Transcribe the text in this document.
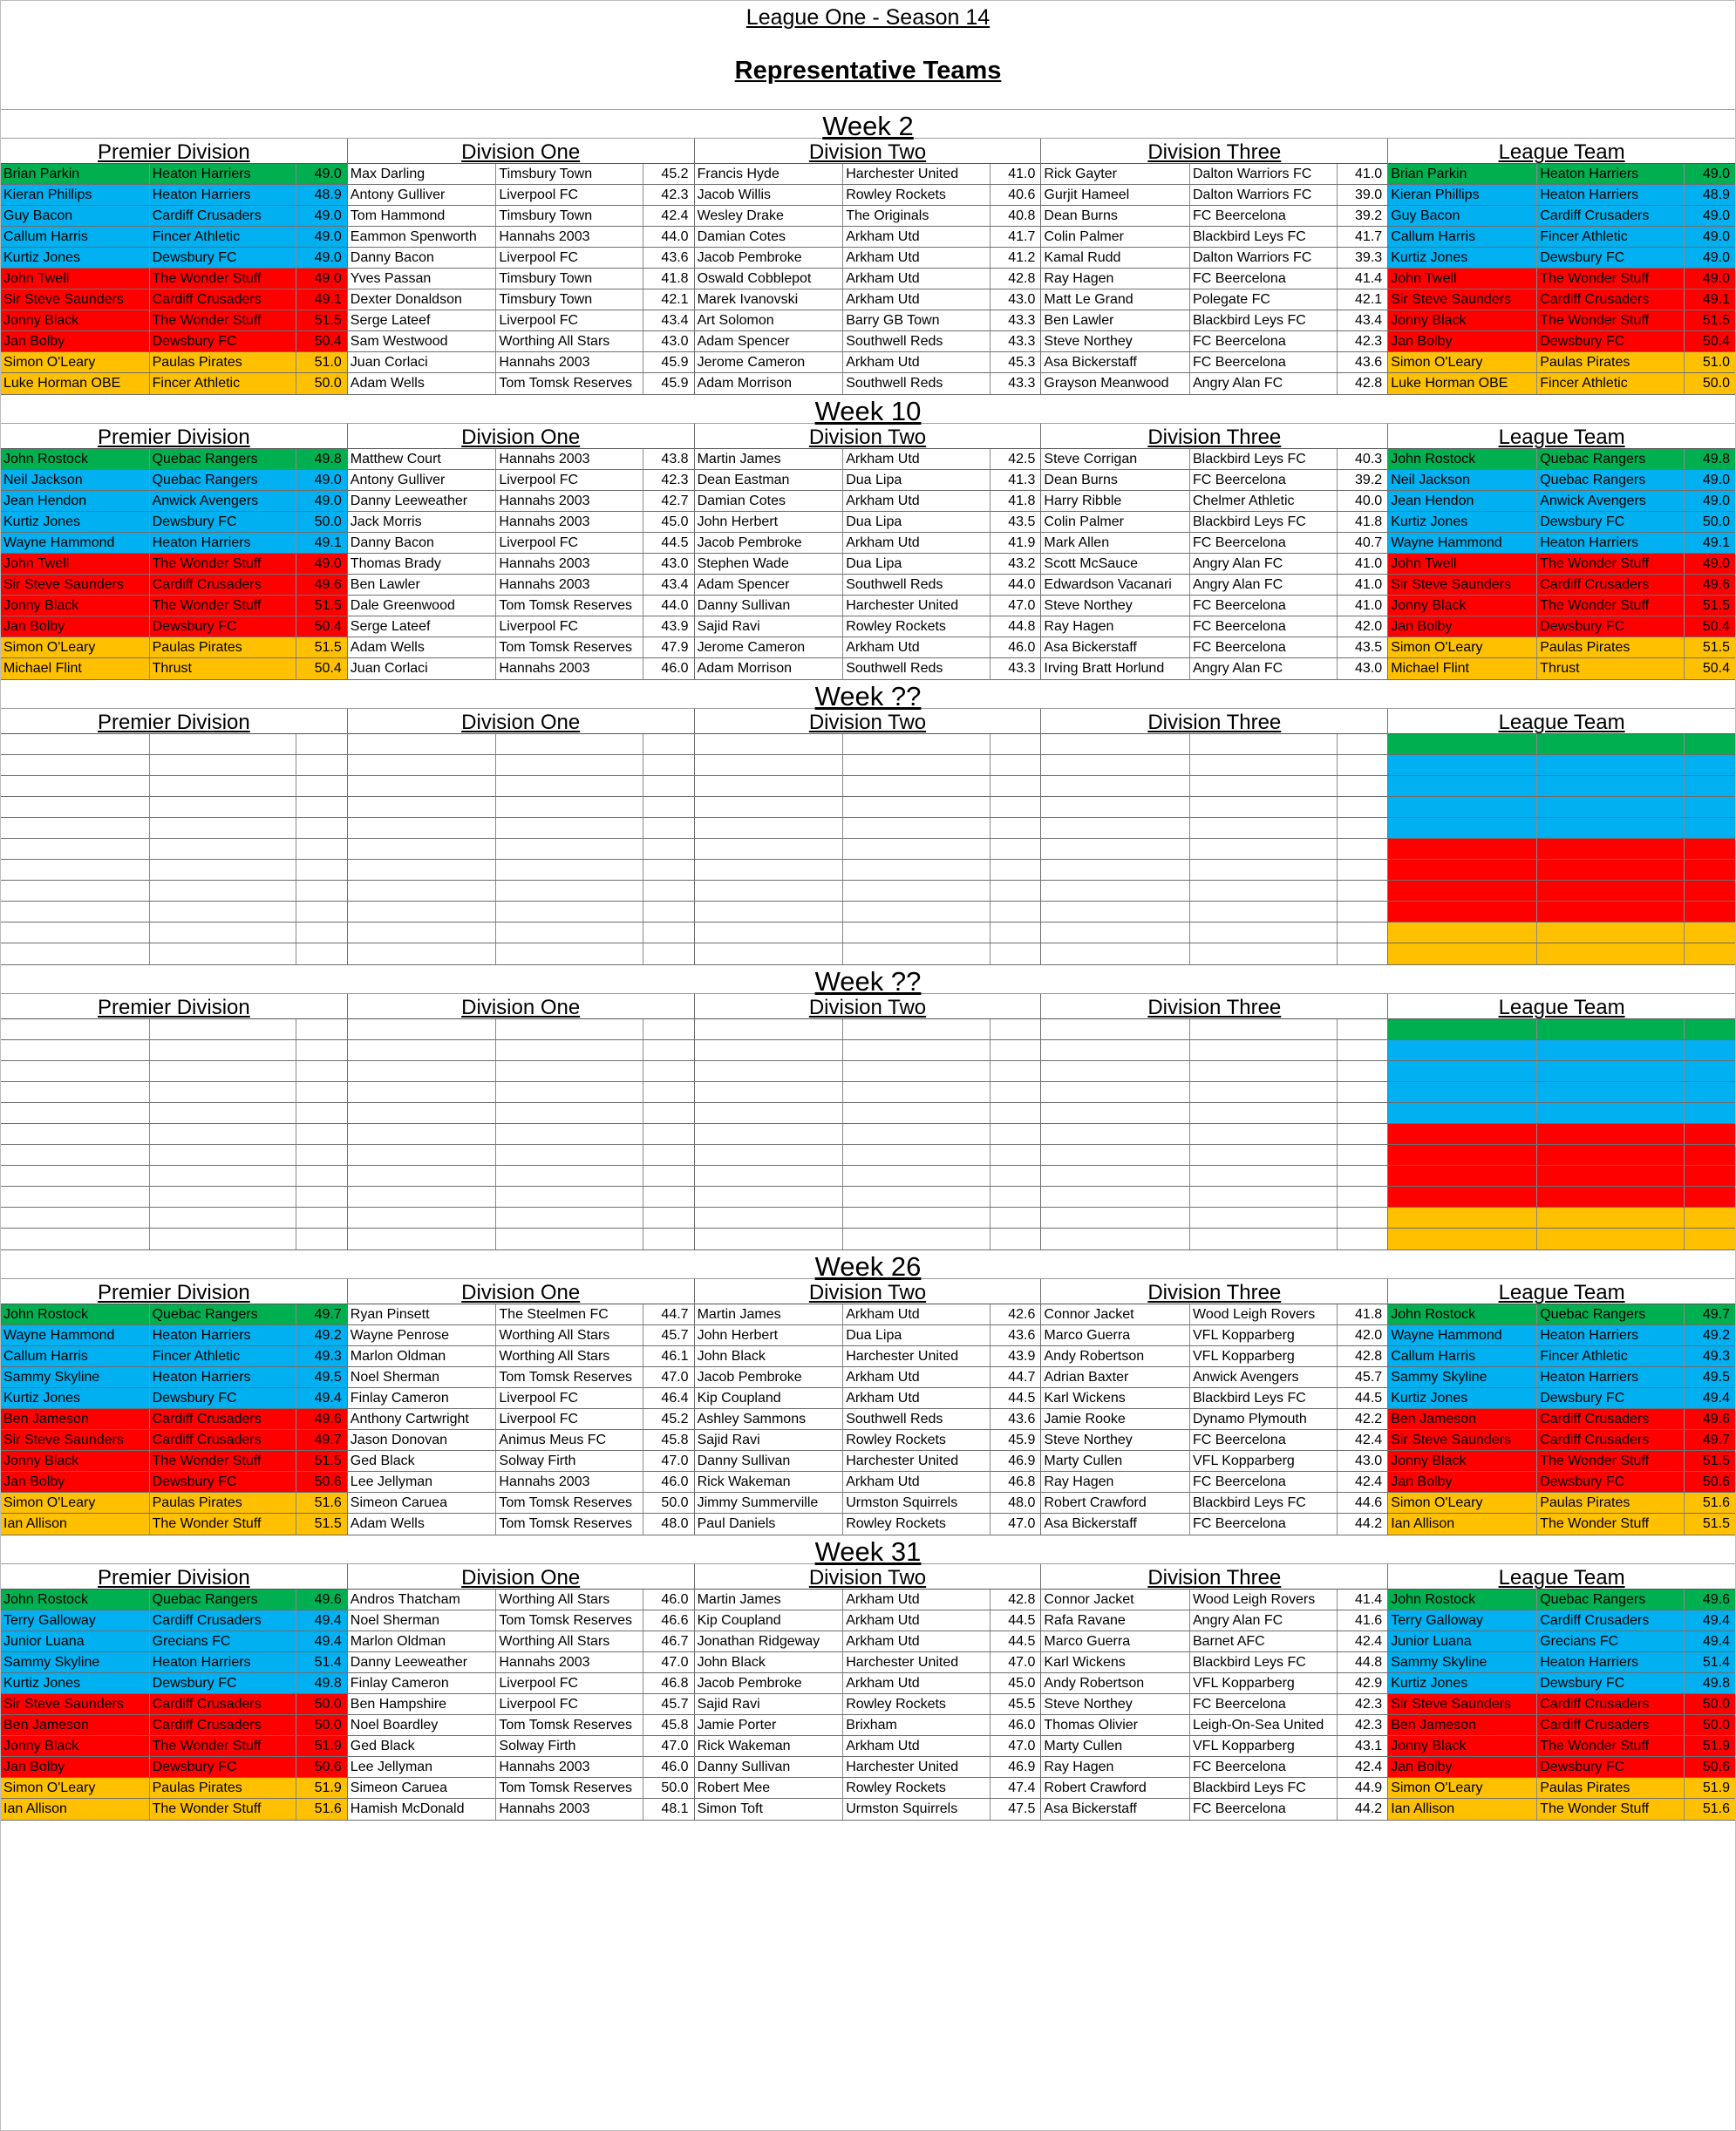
League One - Season 14
Representative Teams
Week 2
Premier Division
Brian Parkin	Heaton Harriers	49.0
Kieran Phillips	Heaton Harriers	48.9
Guy Bacon	Cardiff Crusaders	49.0
Callum Harris	Fincer Athletic	49.0
Kurtiz Jones	Dewsbury FC	49.0
John Twell	The Wonder Stuff	49.0
Sir Steve Saunders	Cardiff Crusaders	49.1
Jonny Black	The Wonder Stuff	51.5
Jan Bolby	Dewsbury FC	50.4
Simon O'Leary	Paulas Pirates	51.0
Luke Horman OBE	Fincer Athletic	50.0
Division One
Max Darling	Timsbury Town	45.2
Antony Gulliver	Liverpool FC	42.3
Tom Hammond	Timsbury Town	42.4
Eammon Spenworth	Hannahs 2003	44.0
Danny Bacon	Liverpool FC	43.6
Yves Passan	Timsbury Town	41.8
Dexter Donaldson	Timsbury Town	42.1
Serge Lateef	Liverpool FC	43.4
Sam Westwood	Worthing All Stars	43.0
Juan Corlaci	Hannahs 2003	45.9
Adam Wells	Tom Tomsk Reserves	45.9
Division Two
Francis Hyde	Harchester United	41.0
Jacob Willis	Rowley Rockets	40.6
Wesley Drake	The Originals	40.8
Damian Cotes	Arkham Utd	41.7
Jacob Pembroke	Arkham Utd	41.2
Oswald Cobblepot	Arkham Utd	42.8
Marek Ivanovski	Arkham Utd	43.0
Art Solomon	Barry GB Town	43.3
Adam Spencer	Southwell Reds	43.3
Jerome Cameron	Arkham Utd	45.3
Adam Morrison	Southwell Reds	43.3
Division Three
Rick Gayter	Dalton Warriors FC	41.0
Gurjit Hameel	Dalton Warriors FC	39.0
Dean Burns	FC Beercelona	39.2
Colin Palmer	Blackbird Leys FC	41.7
Kamal Rudd	Dalton Warriors FC	39.3
Ray Hagen	FC Beercelona	41.4
Matt Le Grand	Polegate FC	42.1
Ben Lawler	Blackbird Leys FC	43.4
Steve Northey	FC Beercelona	42.3
Asa Bickerstaff	FC Beercelona	43.6
Grayson Meanwood	Angry Alan FC	42.8
League Team
Brian Parkin	Heaton Harriers	49.0
Kieran Phillips	Heaton Harriers	48.9
Guy Bacon	Cardiff Crusaders	49.0
Callum Harris	Fincer Athletic	49.0
Kurtiz Jones	Dewsbury FC	49.0
John Twell	The Wonder Stuff	49.0
Sir Steve Saunders	Cardiff Crusaders	49.1
Jonny Black	The Wonder Stuff	51.5
Jan Bolby	Dewsbury FC	50.4
Simon O'Leary	Paulas Pirates	51.0
Luke Horman OBE	Fincer Athletic	50.0
Week 10
Premier Division
John Rostock	Quebac Rangers	49.8
Neil Jackson	Quebac Rangers	49.0
Jean Hendon	Anwick Avengers	49.0
Kurtiz Jones	Dewsbury FC	50.0
Wayne Hammond	Heaton Harriers	49.1
John Twell	The Wonder Stuff	49.0
Sir Steve Saunders	Cardiff Crusaders	49.6
Jonny Black	The Wonder Stuff	51.5
Jan Bolby	Dewsbury FC	50.4
Simon O'Leary	Paulas Pirates	51.5
Michael Flint	Thrust	50.4
Division One
Matthew Court	Hannahs 2003	43.8
Antony Gulliver	Liverpool FC	42.3
Danny Leeweather	Hannahs 2003	42.7
Jack Morris	Hannahs 2003	45.0
Danny Bacon	Liverpool FC	44.5
Thomas Brady	Hannahs 2003	43.0
Ben Lawler	Hannahs 2003	43.4
Dale Greenwood	Tom Tomsk Reserves	44.0
Serge Lateef	Liverpool FC	43.9
Adam Wells	Tom Tomsk Reserves	47.9
Juan Corlaci	Hannahs 2003	46.0
Division Two
Martin James	Arkham Utd	42.5
Dean Eastman	Dua Lipa	41.3
Damian Cotes	Arkham Utd	41.8
John Herbert	Dua Lipa	43.5
Jacob Pembroke	Arkham Utd	41.9
Stephen Wade	Dua Lipa	43.2
Adam Spencer	Southwell Reds	44.0
Danny Sullivan	Harchester United	47.0
Sajid Ravi	Rowley Rockets	44.8
Jerome Cameron	Arkham Utd	46.0
Adam Morrison	Southwell Reds	43.3
Division Three
Steve Corrigan	Blackbird Leys FC	40.3
Dean Burns	FC Beercelona	39.2
Harry Ribble	Chelmer Athletic	40.0
Colin Palmer	Blackbird Leys FC	41.8
Mark Allen	FC Beercelona	40.7
Scott McSauce	Angry Alan FC	41.0
Edwardson Vacanari	Angry Alan FC	41.0
Steve Northey	FC Beercelona	41.0
Ray Hagen	FC Beercelona	42.0
Asa Bickerstaff	FC Beercelona	43.5
Irving Bratt Horlund	Angry Alan FC	43.0
League Team
John Rostock	Quebac Rangers	49.8
Neil Jackson	Quebac Rangers	49.0
Jean Hendon	Anwick Avengers	49.0
Kurtiz Jones	Dewsbury FC	50.0
Wayne Hammond	Heaton Harriers	49.1
John Twell	The Wonder Stuff	49.0
Sir Steve Saunders	Cardiff Crusaders	49.6
Jonny Black	The Wonder Stuff	51.5
Jan Bolby	Dewsbury FC	50.4
Simon O'Leary	Paulas Pirates	51.5
Michael Flint	Thrust	50.4
Week ??
Premier Division	Division One	Division Two	Division Three	League Team
Week ??
Premier Division	Division One	Division Two	Division Three	League Team
Week 26
Premier Division
John Rostock	Quebac Rangers	49.7
Wayne Hammond	Heaton Harriers	49.2
Callum Harris	Fincer Athletic	49.3
Sammy Skyline	Heaton Harriers	49.5
Kurtiz Jones	Dewsbury FC	49.4
Ben Jameson	Cardiff Crusaders	49.6
Sir Steve Saunders	Cardiff Crusaders	49.7
Jonny Black	The Wonder Stuff	51.5
Jan Bolby	Dewsbury FC	50.6
Simon O'Leary	Paulas Pirates	51.6
Ian Allison	The Wonder Stuff	51.5
Division One
Ryan Pinsett	The Steelmen FC	44.7
Wayne Penrose	Worthing All Stars	45.7
Marlon Oldman	Worthing All Stars	46.1
Noel Sherman	Tom Tomsk Reserves	47.0
Finlay Cameron	Liverpool FC	46.4
Anthony Cartwright	Liverpool FC	45.2
Jason Donovan	Animus Meus FC	45.8
Ged Black	Solway Firth	47.0
Lee Jellyman	Hannahs 2003	46.0
Simeon Caruea	Tom Tomsk Reserves	50.0
Adam Wells	Tom Tomsk Reserves	48.0
Division Two
Martin James	Arkham Utd	42.6
John Herbert	Dua Lipa	43.6
John Black	Harchester United	43.9
Jacob Pembroke	Arkham Utd	44.7
Kip Coupland	Arkham Utd	44.5
Ashley Sammons	Southwell Reds	43.6
Sajid Ravi	Rowley Rockets	45.9
Danny Sullivan	Harchester United	46.9
Rick Wakeman	Arkham Utd	46.8
Jimmy Summerville	Urmston Squirrels	48.0
Paul Daniels	Rowley Rockets	47.0
Division Three
Connor Jacket	Wood Leigh Rovers	41.8
Marco Guerra	VFL Kopparberg	42.0
Andy Robertson	VFL Kopparberg	42.8
Adrian Baxter	Anwick Avengers	45.7
Karl Wickens	Blackbird Leys FC	44.5
Jamie Rooke	Dynamo Plymouth	42.2
Steve Northey	FC Beercelona	42.4
Marty Cullen	VFL Kopparberg	43.0
Ray Hagen	FC Beercelona	42.4
Robert Crawford	Blackbird Leys FC	44.6
Asa Bickerstaff	FC Beercelona	44.2
League Team
John Rostock	Quebac Rangers	49.7
Wayne Hammond	Heaton Harriers	49.2
Callum Harris	Fincer Athletic	49.3
Sammy Skyline	Heaton Harriers	49.5
Kurtiz Jones	Dewsbury FC	49.4
Ben Jameson	Cardiff Crusaders	49.6
Sir Steve Saunders	Cardiff Crusaders	49.7
Jonny Black	The Wonder Stuff	51.5
Jan Bolby	Dewsbury FC	50.6
Simon O'Leary	Paulas Pirates	51.6
Ian Allison	The Wonder Stuff	51.5
Week 31
Premier Division
John Rostock	Quebac Rangers	49.6
Terry Galloway	Cardiff Crusaders	49.4
Junior Luana	Grecians FC	49.4
Sammy Skyline	Heaton Harriers	51.4
Kurtiz Jones	Dewsbury FC	49.8
Sir Steve Saunders	Cardiff Crusaders	50.0
Ben Jameson	Cardiff Crusaders	50.0
Jonny Black	The Wonder Stuff	51.9
Jan Bolby	Dewsbury FC	50.6
Simon O'Leary	Paulas Pirates	51.9
Ian Allison	The Wonder Stuff	51.6
Division One
Andros Thatcham	Worthing All Stars	46.0
Noel Sherman	Tom Tomsk Reserves	46.6
Marlon Oldman	Worthing All Stars	46.7
Danny Leeweather	Hannahs 2003	47.0
Finlay Cameron	Liverpool FC	46.8
Ben Hampshire	Liverpool FC	45.7
Noel Boardley	Tom Tomsk Reserves	45.8
Ged Black	Solway Firth	47.0
Lee Jellyman	Hannahs 2003	46.0
Simeon Caruea	Tom Tomsk Reserves	50.0
Hamish McDonald	Hannahs 2003	48.1
Division Two
Martin James	Arkham Utd	42.8
Kip Coupland	Arkham Utd	44.5
Jonathan Ridgeway	Arkham Utd	44.5
John Black	Harchester United	47.0
Jacob Pembroke	Arkham Utd	45.0
Sajid Ravi	Rowley Rockets	45.5
Jamie Porter	Brixham	46.0
Rick Wakeman	Arkham Utd	47.0
Danny Sullivan	Harchester United	46.9
Robert Mee	Rowley Rockets	47.4
Simon Toft	Urmston Squirrels	47.5
Division Three
Connor Jacket	Wood Leigh Rovers	41.4
Rafa Ravane	Angry Alan FC	41.6
Marco Guerra	Barnet AFC	42.4
Karl Wickens	Blackbird Leys FC	44.8
Andy Robertson	VFL Kopparberg	42.9
Steve Northey	FC Beercelona	42.3
Thomas Olivier	Leigh-On-Sea United	42.3
Marty Cullen	VFL Kopparberg	43.1
Ray Hagen	FC Beercelona	42.4
Robert Crawford	Blackbird Leys FC	44.9
Asa Bickerstaff	FC Beercelona	44.2
League Team
John Rostock	Quebac Rangers	49.6
Terry Galloway	Cardiff Crusaders	49.4
Junior Luana	Grecians FC	49.4
Sammy Skyline	Heaton Harriers	51.4
Kurtiz Jones	Dewsbury FC	49.8
Sir Steve Saunders	Cardiff Crusaders	50.0
Ben Jameson	Cardiff Crusaders	50.0
Jonny Black	The Wonder Stuff	51.9
Jan Bolby	Dewsbury FC	50.6
Simon O'Leary	Paulas Pirates	51.9
Ian Allison	The Wonder Stuff	51.6
